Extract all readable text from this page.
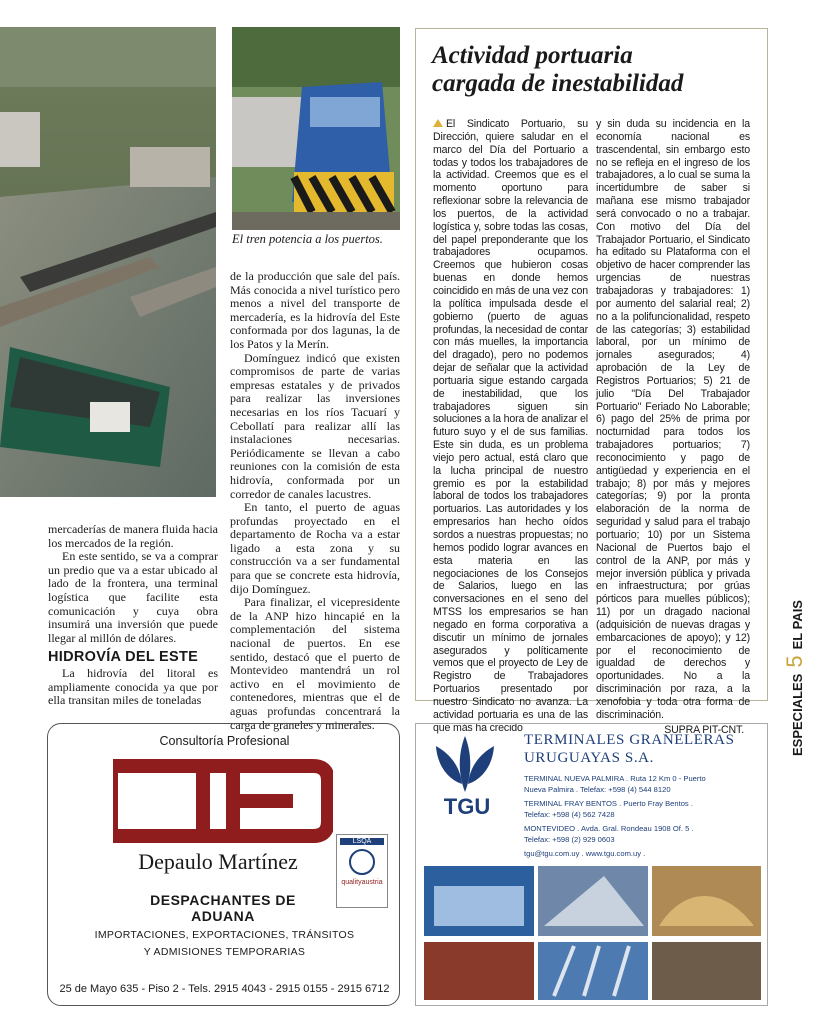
El tren potencia a los puertos.

mercaderías de manera fluida hacia los mercados de la región.

En este sentido, se va a comprar un predio que va a estar ubicado al lado de la frontera, una terminal logística que facilite esta comunicación y cuya obra insumirá una inversión que puede llegar al millón de dólares.

HIDROVÍA DEL ESTE

La hidrovía del litoral es ampliamente conocida ya que por ella transitan miles de toneladas

de la producción que sale del país. Más conocida a nivel turístico pero menos a nivel del transporte de mercadería, es la hidrovía del Este conformada por dos lagunas, la de los Patos y la Merín.

Domínguez indicó que existen compromisos de parte de varias empresas estatales y de privados para realizar las inversiones necesarias en los ríos Tacuarí y Cebollatí para realizar allí las instalaciones necesarias. Periódicamente se llevan a cabo reuniones con la comisión de esta hidrovía, conformada por un corredor de canales lacustres.

En tanto, el puerto de aguas profundas proyectado en el departamento de Rocha va a estar ligado a esta zona y su construcción va a ser fundamental para que se concrete esta hidrovía, dijo Domínguez.

Para finalizar, el vicepresidente de la ANP hizo hincapié en la complementación del sistema nacional de puertos. En ese sentido, destacó que el puerto de Montevideo mantendrá un rol activo en el movimiento de contenedores, mientras que el de aguas profundas concentrará la carga de graneles y minerales.

Actividad portuaria
cargada de inestabilidad

El Sindicato Portuario, su Dirección, quiere saludar en el marco del Día del Portuario a todas y todos los trabajadores de la actividad. Creemos que es el momento oportuno para reflexionar sobre la relevancia de los puertos, de la actividad logística y, sobre todas las cosas, del papel preponderante que los trabajadores ocupamos. Creemos que hubieron cosas buenas en donde hemos coincidido en más de una vez con la política impulsada desde el gobierno (puerto de aguas profundas, la necesidad de contar con más muelles, la importancia del dragado), pero no podemos dejar de señalar que la actividad portuaria sigue estando cargada de inestabilidad, que los trabajadores siguen sin soluciones a la hora de analizar el futuro suyo y el de sus familias. Este sin duda, es un problema viejo pero actual, está claro que la lucha principal de nuestro gremio es por la estabilidad laboral de todos los trabajadores portuarios. Las autoridades y los empresarios han hecho oídos sordos a nuestras propuestas; no hemos podido lograr avances en esta materia en las negociaciones de los Consejos de Salarios, luego en las conversaciones en el seno del MTSS los empresarios se han negado en forma corporativa a discutir un mínimo de jornales asegurados y políticamente vemos que el proyecto de Ley de Registro de Trabajadores Portuarios presentado por nuestro Sindicato no avanza. La actividad portuaria es una de las que más ha crecido

y sin duda su incidencia en la economía nacional es trascendental, sin embargo esto no se refleja en el ingreso de los trabajadores, a lo cual se suma la incertidumbre de saber si mañana ese mismo trabajador será convocado o no a trabajar. Con motivo del Día del Trabajador Portuario, el Sindicato ha editado su Plataforma con el objetivo de hacer comprender las urgencias de nuestras trabajadoras y trabajadores: 1) por aumento del salarial real; 2) no a la polifuncionalidad, respeto de las categorías; 3) estabilidad laboral, por un mínimo de jornales asegurados; 4) aprobación de la Ley de Registros Portuarios; 5) 21 de julio "Día Del Trabajador Portuario" Feriado No Laborable; 6) pago del 25% de prima por nocturnidad para todos los trabajadores portuarios; 7) reconocimiento y pago de antigüedad y experiencia en el trabajo; 8) por más y mejores categorías; 9) por la pronta elaboración de la norma de seguridad y salud para el trabajo portuario; 10) por un Sistema Nacional de Puertos bajo el control de la ANP, por más y mejor inversión pública y privada en infraestructura; por grúas pórticos para muelles públicos); 11) por un dragado nacional (adquisición de nuevas dragas y embarcaciones de apoyo); y 12) por el reconocimiento de igualdad de derechos y oportunidades. No a la discriminación por raza, a la xenofobia y toda otra forma de discriminación.

SUPRA PIT-CNT.	ESPECIALES5EL PAIS
Consultoría Profesional
Depaulo Martínez
DESPACHANTES DE ADUANA
LSQA
qualityaustria
IMPORTACIONES, EXPORTACIONES, TRÁNSITOS
Y ADMISIONES TEMPORARIAS
25 de Mayo 635 - Piso 2 - Tels. 2915 4043 - 2915 0155 - 2915 6712
TGU
TERMINALES GRANELERAS
URUGUAYAS S.A.
TERMINAL NUEVA PALMIRA . Ruta 12 Km 0 - Puerto
Nueva Palmira . Telefax: +598 (4) 544 8120
TERMINAL FRAY BENTOS . Puerto Fray Bentos .
Telefax: +598 (4) 562 7428
MONTEVIDEO . Avda. Gral. Rondeau 1908 Of. 5 .
Telefax: +598 (2) 929 0603
tgu@tgu.com.uy . www.tgu.com.uy .
